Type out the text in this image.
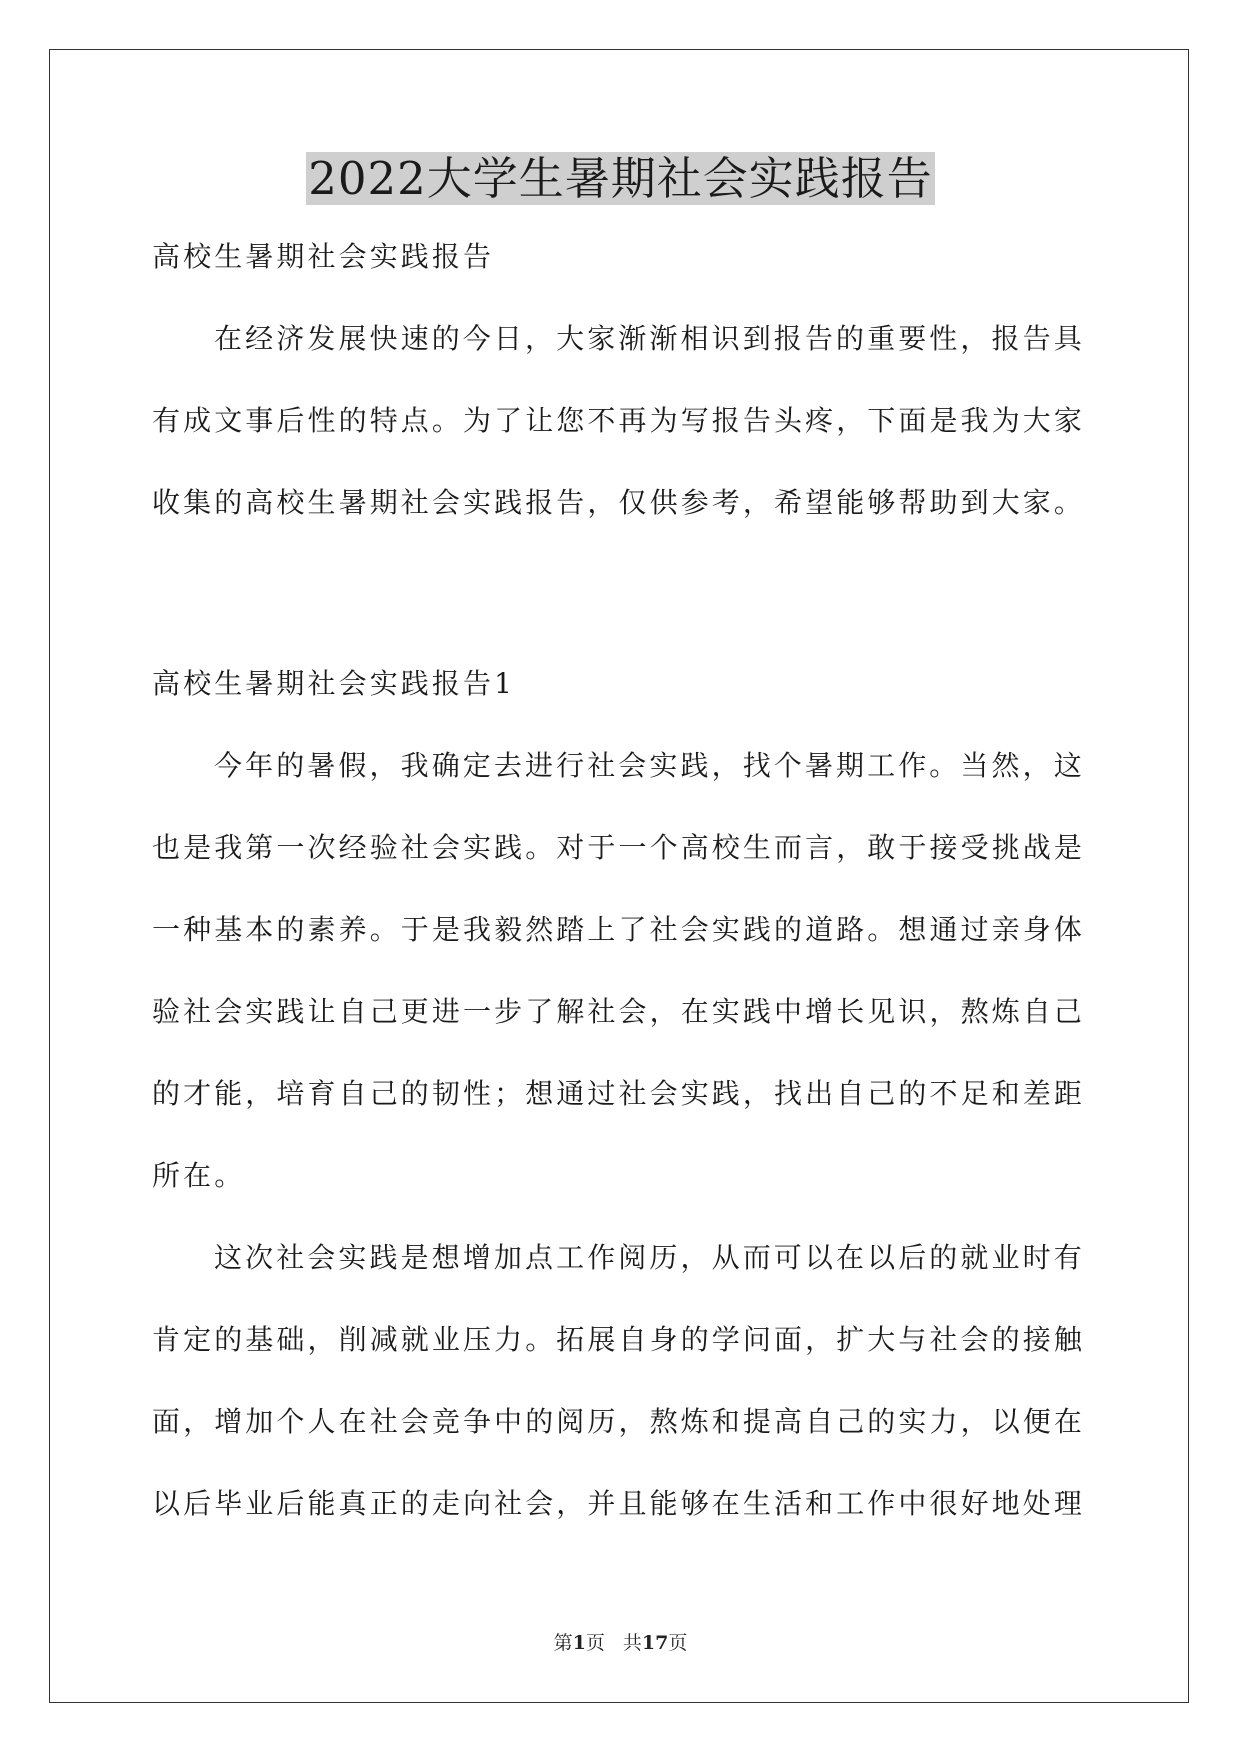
2022大学生暑期社会实践报告
高校生暑期社会实践报告
在经济发展快速的今日，大家渐渐相识到报告的重要性，报告具
有成文事后性的特点。为了让您不再为写报告头疼，下面是我为大家
收集的高校生暑期社会实践报告，仅供参考，希望能够帮助到大家。
高校生暑期社会实践报告1
今年的暑假，我确定去进行社会实践，找个暑期工作。当然，这
也是我第一次经验社会实践。对于一个高校生而言，敢于接受挑战是
一种基本的素养。于是我毅然踏上了社会实践的道路。想通过亲身体
验社会实践让自己更进一步了解社会，在实践中增长见识，熬炼自己
的才能，培育自己的韧性；想通过社会实践，找出自己的不足和差距
所在。
这次社会实践是想增加点工作阅历，从而可以在以后的就业时有
肯定的基础，削减就业压力。拓展自身的学问面，扩大与社会的接触
面，增加个人在社会竞争中的阅历，熬炼和提高自己的实力，以便在
以后毕业后能真正的走向社会，并且能够在生活和工作中很好地处理
第1页 共17页
